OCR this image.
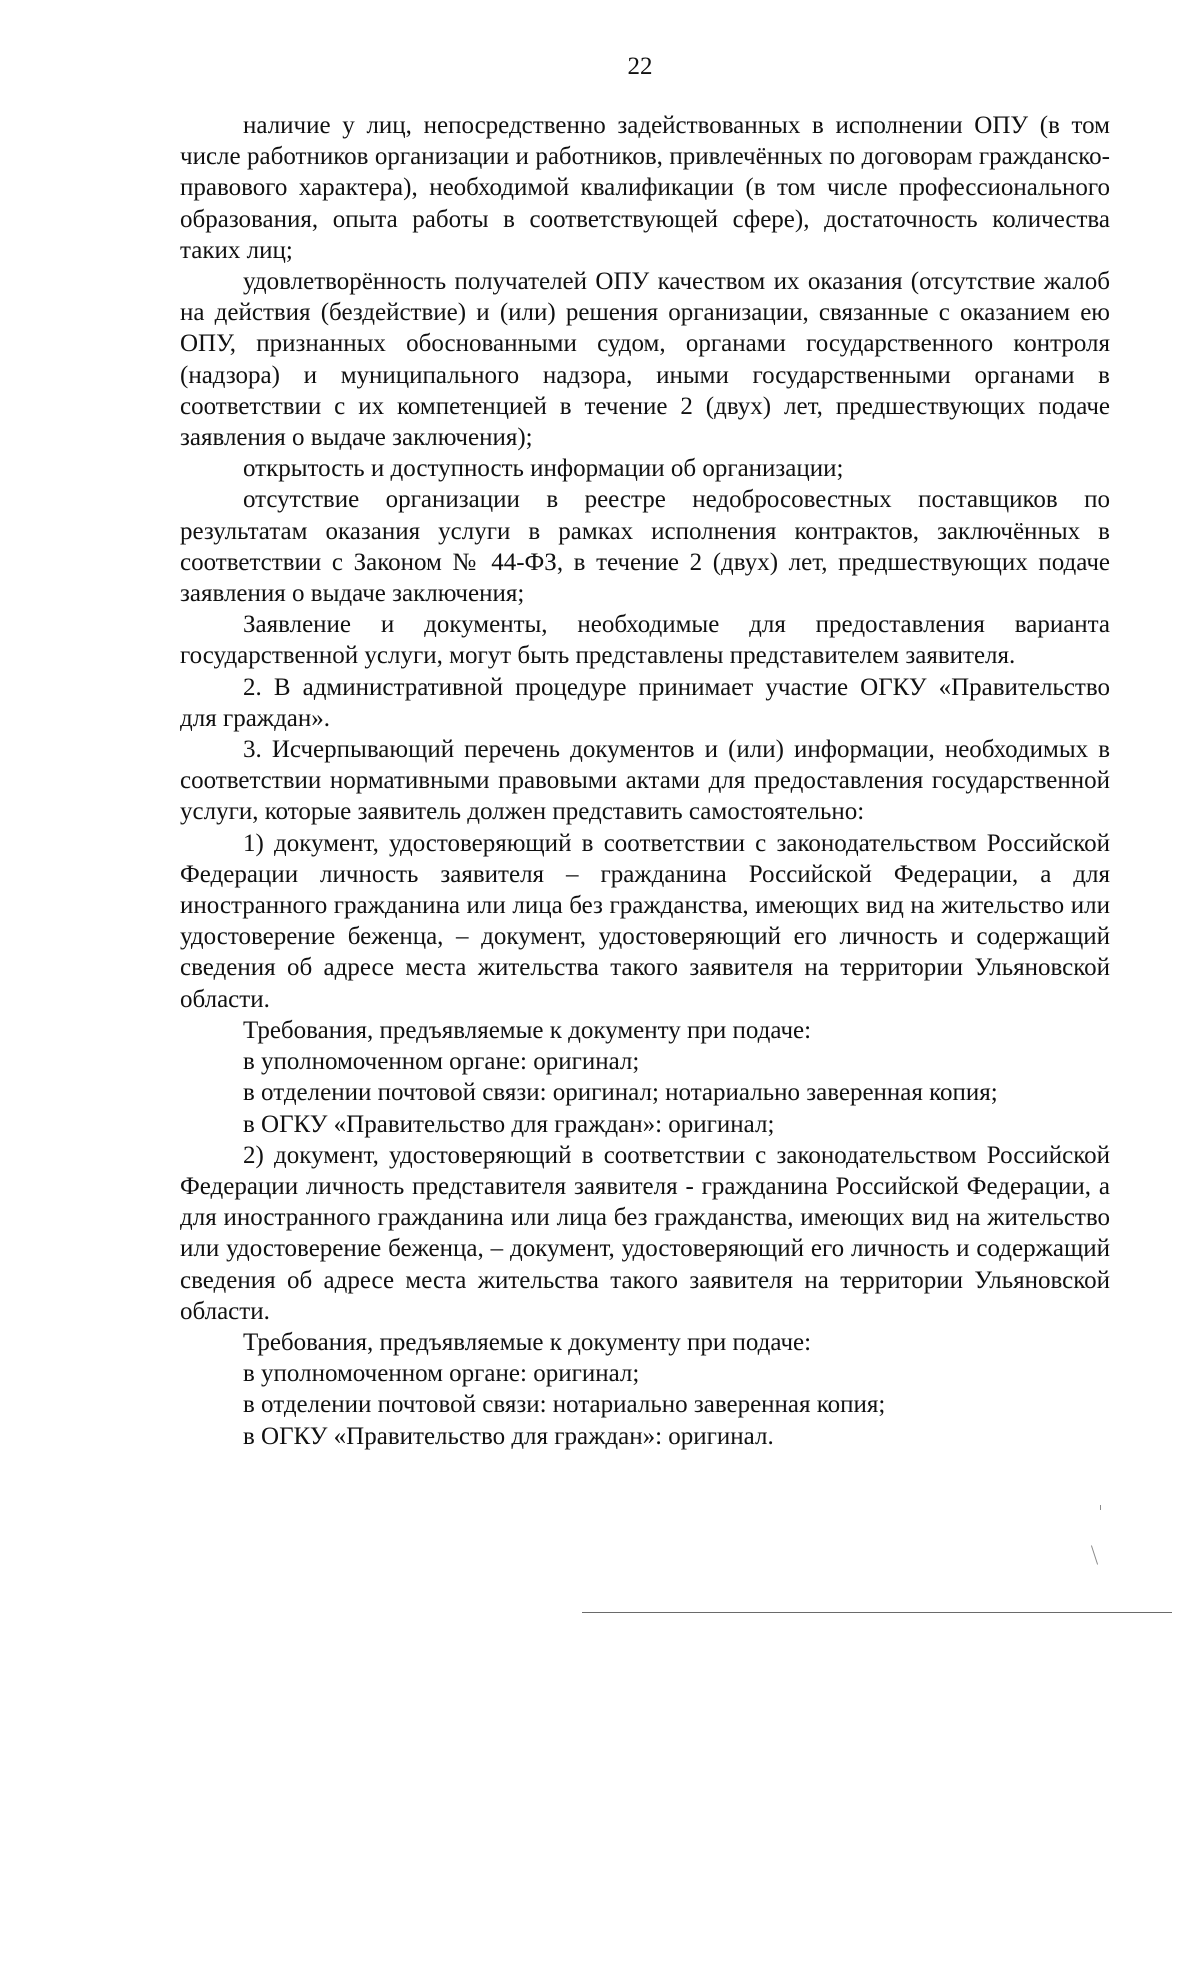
22

наличие у лиц, непосредственно задействованных в исполнении ОПУ (в том числе работников организации и работников, привлечённых по договорам гражданско-правового характера), необходимой квалификации (в том числе профессионального образования, опыта работы в соответствующей сфере), достаточность количества таких лиц;

удовлетворённость получателей ОПУ качеством их оказания (отсутствие жалоб на действия (бездействие) и (или) решения организации, связанные с оказанием ею ОПУ, признанных обоснованными судом, органами государственного контроля (надзора) и муниципального надзора, иными государственными органами в соответствии с их компетенцией в течение 2 (двух) лет, предшествующих подаче заявления о выдаче заключения);

открытость и доступность информации об организации;

отсутствие организации в реестре недобросовестных поставщиков по результатам оказания услуги в рамках исполнения контрактов, заключённых в соответствии с Законом № 44-ФЗ, в течение 2 (двух) лет, предшествующих подаче заявления о выдаче заключения;

Заявление и документы, необходимые для предоставления варианта государственной услуги, могут быть представлены представителем заявителя.

2. В административной процедуре принимает участие ОГКУ «Правительство для граждан».

3. Исчерпывающий перечень документов и (или) информации, необходимых в соответствии нормативными правовыми актами для предоставления государственной услуги, которые заявитель должен представить самостоятельно:

1) документ, удостоверяющий в соответствии с законодательством Российской Федерации личность заявителя – гражданина Российской Федерации, а для иностранного гражданина или лица без гражданства, имеющих вид на жительство или удостоверение беженца, – документ, удостоверяющий его личность и содержащий сведения об адресе места жительства такого заявителя на территории Ульяновской области.

Требования, предъявляемые к документу при подаче:

в уполномоченном органе: оригинал;

в отделении почтовой связи: оригинал; нотариально заверенная копия;

в ОГКУ «Правительство для граждан»: оригинал;

2) документ, удостоверяющий в соответствии с законодательством Российской Федерации личность представителя заявителя - гражданина Российской Федерации, а для иностранного гражданина или лица без гражданства, имеющих вид на жительство или удостоверение беженца, – документ, удостоверяющий его личность и содержащий сведения об адресе места жительства такого заявителя на территории Ульяновской области.

Требования, предъявляемые к документу при подаче:

в уполномоченном органе: оригинал;

в отделении почтовой связи: нотариально заверенная копия;

в ОГКУ «Правительство для граждан»: оригинал.
